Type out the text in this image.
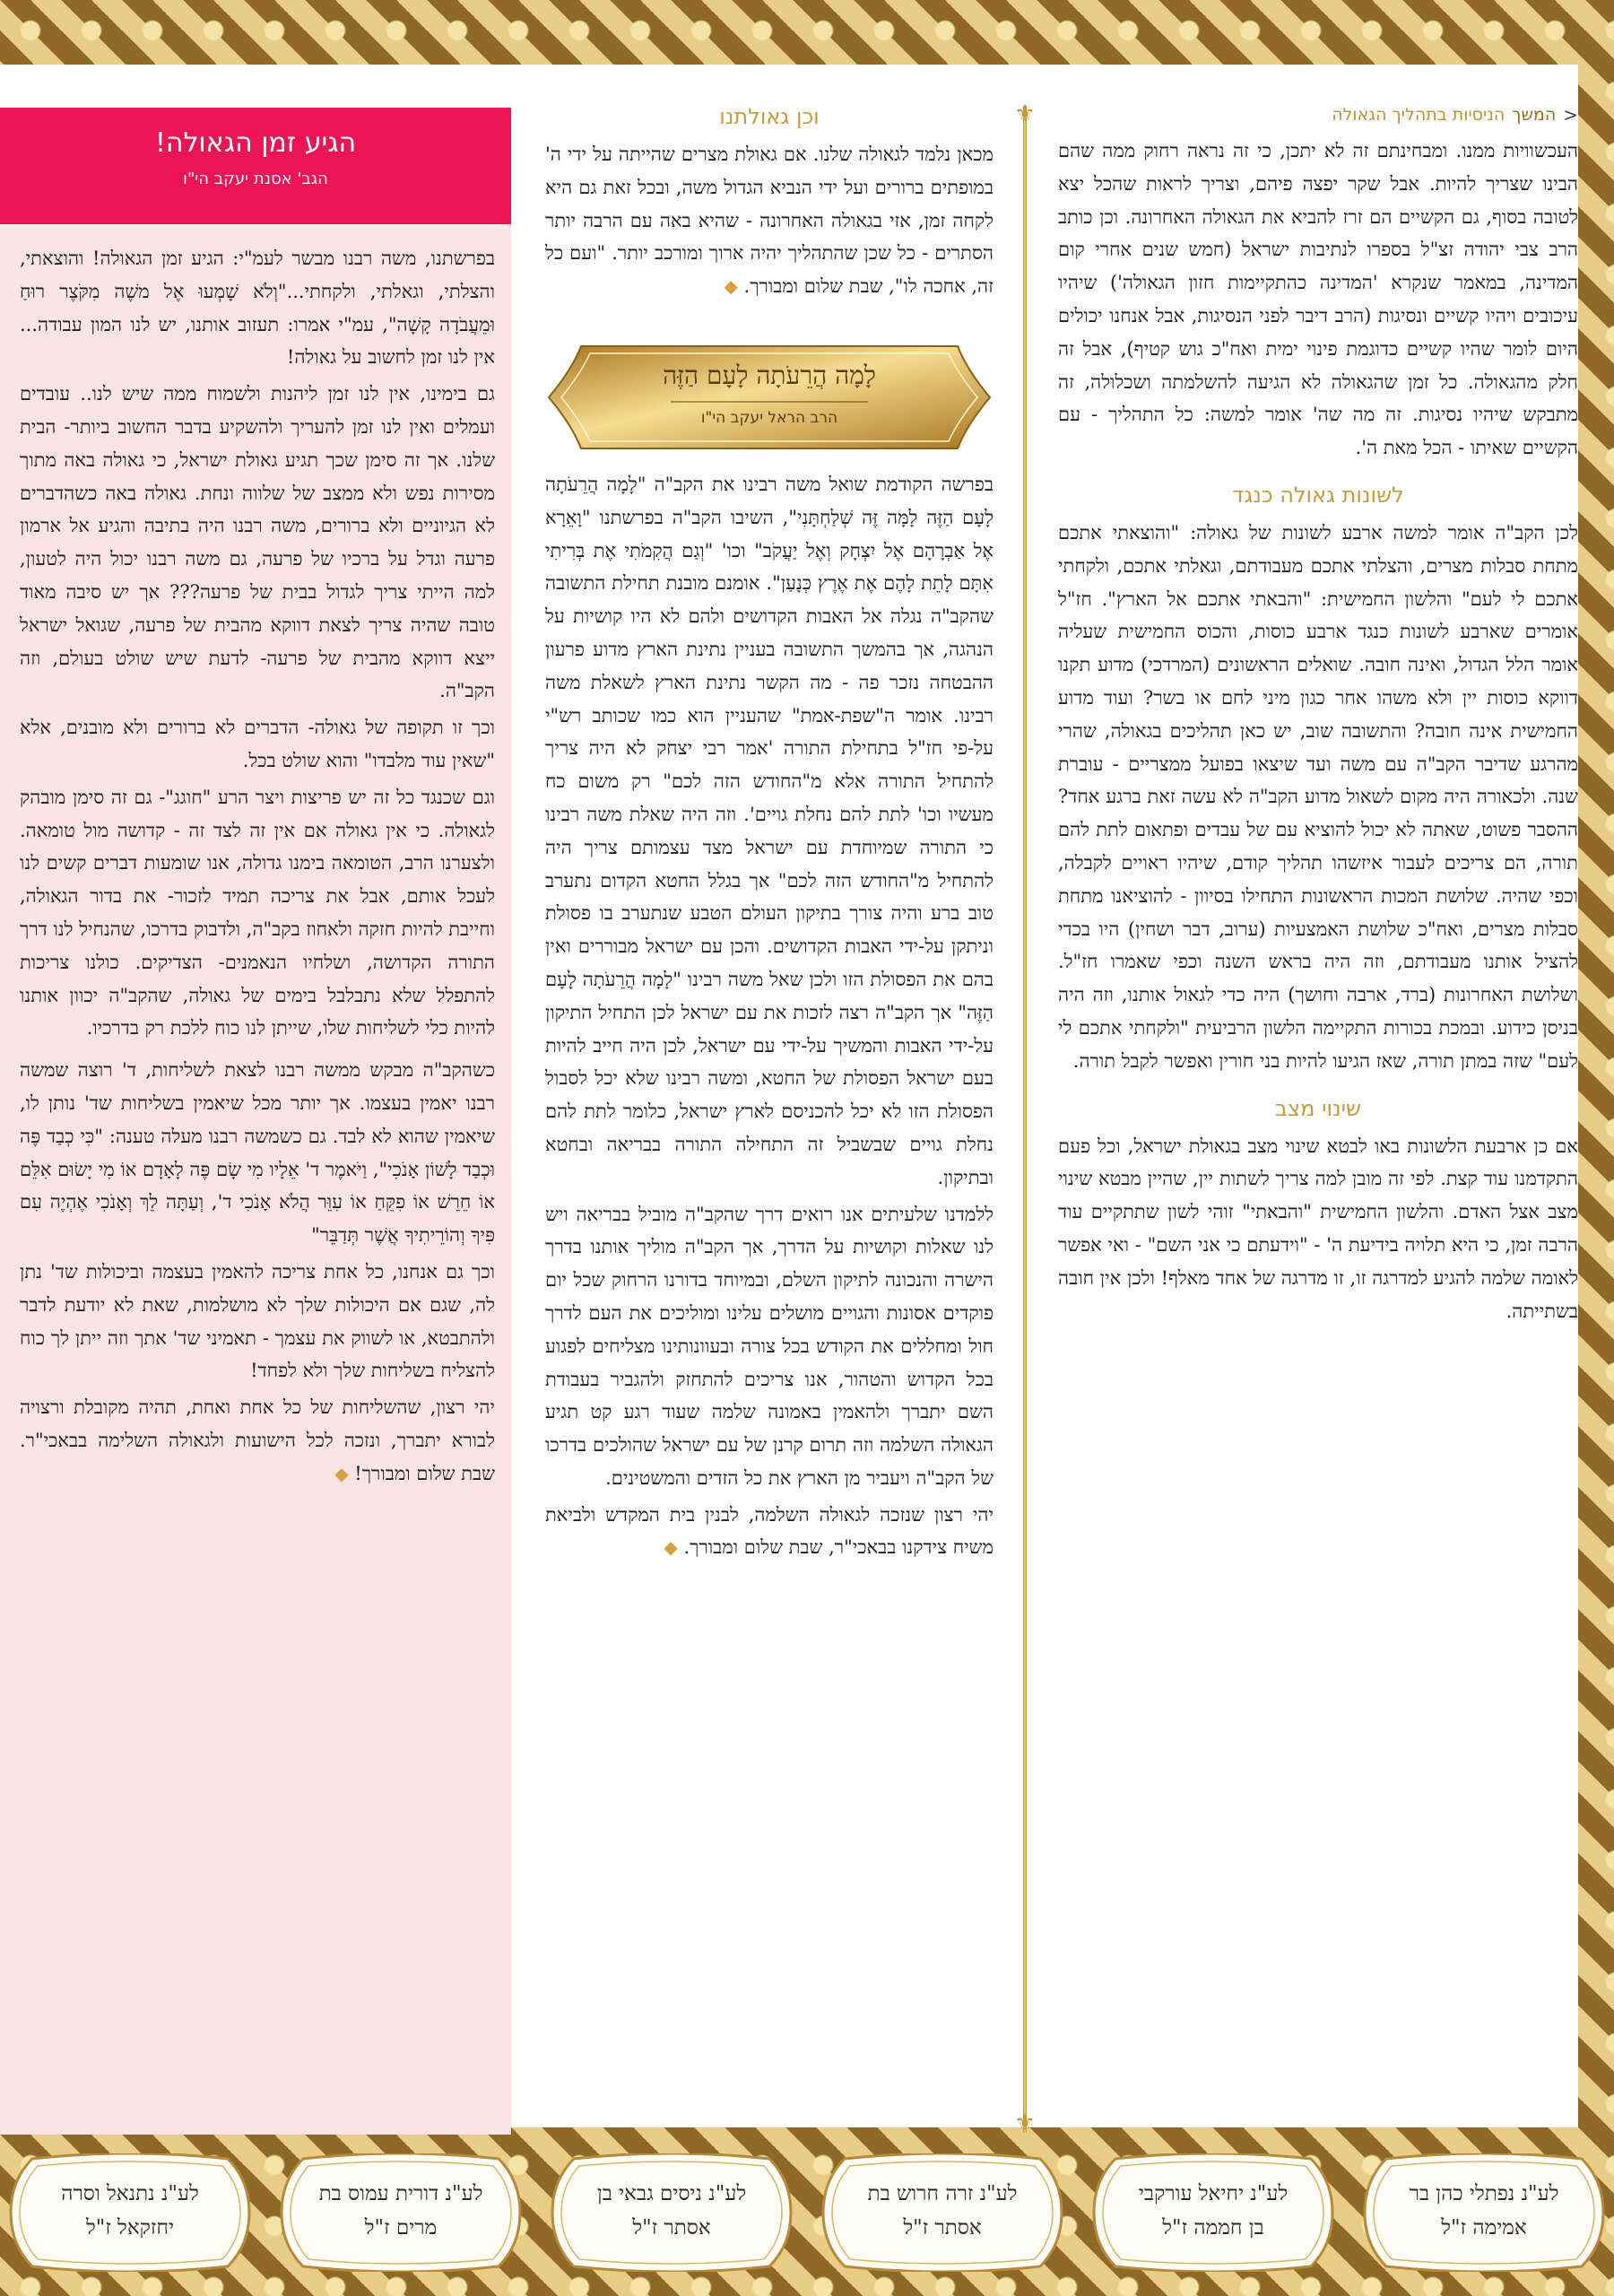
<
המשך
הניסיות בתהליך הגאולה

העכשוויות ממנו. ומבחינתם זה לא יתכן, כי זה נראה רחוק ממה שהם הבינו שצריך להיות. אבל שקר יפצה פיהם, וצריך לראות שהכל יצא לטובה בסוף, גם הקשיים הם זרז להביא את הגאולה האחרונה. וכן כותב הרב צבי יהודה זצ"ל בספרו לנתיבות ישראל (חמש שנים אחרי קום המדינה, במאמר שנקרא 'המדינה כהתקיימות חזון הגאולה') שיהיו עיכובים ויהיו קשיים ונסיגות (הרב דיבר לפני הנסיגות, אבל אנחנו יכולים היום לומר שהיו קשיים כדוגמת פינוי ימית ואח"כ גוש קטיף), אבל זה חלק מהגאולה. כל זמן שהגאולה לא הגיעה להשלמתה ושכלולה, זה מתבקש שיהיו נסיגות. זה מה שה' אומר למשה: כל התהליך - עם הקשיים שאיתו - הכל מאת ה'.

לשונות גאולה כנגד

לכן הקב"ה אומר למשה ארבע לשונות של גאולה: "והוצאתי אתכם מתחת סבלות מצרים, והצלתי אתכם מעבודתם, וגאלתי אתכם, ולקחתי אתכם לי לעם" והלשון החמישית: "והבאתי אתכם אל הארץ". חז"ל אומרים שארבע לשונות כנגד ארבע כוסות, והכוס החמישית שעליה אומר הלל הגדול, ואינה חובה. שואלים הראשונים (המרדכי) מדוע תקנו דווקא כוסות יין ולא משהו אחר כגון מיני לחם או בשר? ועוד מדוע החמישית אינה חובה? והתשובה שוב, יש כאן תהליכים בגאולה, שהרי מהרגע שדיבר הקב"ה עם משה ועד שיצאו בפועל ממצריים - עוברת שנה. ולכאורה היה מקום לשאול מדוע הקב"ה לא עשה זאת ברגע אחד? ההסבר פשוט, שאתה לא יכול להוציא עם של עבדים ופתאום לתת להם תורה, הם צריכים לעבור איזשהו תהליך קודם, שיהיו ראויים לקבלה, וכפי שהיה. שלושת המכות הראשונות התחילו בסיוון - להוציאנו מתחת סבלות מצרים, ואח"כ שלושת האמצעיות (ערוב, דבר ושחין) היו בכדי להציל אותנו מעבודתם, וזה היה בראש השנה וכפי שאמרו חז"ל. ושלושת האחרונות (ברד, ארבה וחושך) היה כדי לגאול אותנו, וזה היה בניסן כידוע. ובמכת בכורות התקיימה הלשון הרביעית "ולקחתי אתכם לי לעם" שזה במתן תורה, שאז הגיעו להיות בני חורין ואפשר לקבל תורה.

שינוי מצב

אם כן ארבעת הלשונות באו לבטא שינוי מצב בגאולת ישראל, וכל פעם התקדמנו עוד קצת. לפי זה מובן למה צריך לשתות יין, שהיין מבטא שינוי מצב אצל האדם. והלשון החמישית "והבאתי" זוהי לשון שתתקיים עוד הרבה זמן, כי היא תלויה בידיעת ה' - "וידעתם כי אני השם" - ואי אפשר לאומה שלמה להגיע למדרגה זו, זו מדרגה של אחד מאלף! ולכן אין חובה בשתייתה.

⚜
⚜
וכן גאולתנו

מכאן נלמד לגאולה שלנו. אם גאולת מצרים שהייתה על ידי ה' במופתים ברורים ועל ידי הנביא הגדול משה, ובכל זאת גם היא לקחה זמן, אזי בגאולה האחרונה - שהיא באה עם הרבה יותר הסתרים - כל שכן שהתהליך יהיה ארוך ומורכב יותר. "ועם כל זה, אחכה לו", שבת שלום ומבורך. ◆

לָמָה הֲרֵעֹתָה לָעָם הַזֶּה
הרב הראל יעקב הי"ו

בפרשה הקודמת שואל משה רבינו את הקב"ה "לָמָה הֲרֵעֹתָה לָעָם הַזֶּה לָמָּה זֶּה שְׁלַחְתָּנִי", השיבו הקב"ה בפרשתנו "וָאֵרָא אֶל אַבְרָהָם אֶל יִצְחָק וְאֶל יַעֲקֹב" וכו' "וְגַם הֲקִמֹתִי אֶת בְּרִיתִי אִתָּם לָתֵת לָהֶם אֶת אֶרֶץ כְּנָעַן". אומנם מובנת תחילת התשובה שהקב"ה נגלה אל האבות הקדושים ולהם לא היו קושיות על הנהגה, אך בהמשך התשובה בעניין נתינת הארץ מדוע פרעון ההבטחה נזכר פה - מה הקשר נתינת הארץ לשאלת משה רבינו. אומר ה"שפת-אמת" שהעניין הוא כמו שכותב רש"י על-פי חז"ל בתחילת התורה 'אמר רבי יצחק לא היה צריך להתחיל התורה אלא מ"החודש הזה לכם" רק משום כח מעשיו וכו' לתת להם נחלת גויים'. וזה היה שאלת משה רבינו כי התורה שמיוחדת עם ישראל מצד עצמותם צריך היה להתחיל מ"החודש הזה לכם" אך בגלל החטא הקדום נתערב טוב ברע והיה צורך בתיקון העולם הטבע שנתערב בו פסולת וניתקן על-ידי האבות הקדושים. והכן עם ישראל מבוררים ואין בהם את הפסולת הזו ולכן שאל משה רבינו "לָמָה הֲרֵעֹתָה לָעָם הַזֶּה" אך הקב"ה רצה לזכות את עם ישראל לכן התחיל התיקון על-ידי האבות והמשיך על-ידי עם ישראל, לכן היה חייב להיות בעם ישראל הפסולת של החטא, ומשה רבינו שלא יכל לסבול הפסולת הזו לא יכל להכניסם לארץ ישראל, כלומר לתת להם נחלת גויים שבשביל זה התחילה התורה בבריאה ובחטא ובתיקון.

ללמדנו שלעיתים אנו רואים דרך שהקב"ה מוביל בבריאה ויש לנו שאלות וקושיות על הדרך, אך הקב"ה מוליך אותנו בדרך הישרה והנכונה לתיקון השלם, ובמיוחד בדורנו הרחוק שכל יום פוקדים אסונות והגויים מושלים עלינו ומוליכים את העם לדרך חול ומחללים את הקודש בכל צורה ובעוונותינו מצליחים לפגוע בכל הקדוש והטהור, אנו צריכים להתחזק ולהגביר בעבודת השם יתברך ולהאמין באמונה שלמה שעוד רגע קט תגיע הגאולה השלמה וזה תרום קרנן של עם ישראל שהולכים בדרכו של הקב"ה ויעביר מן הארץ את כל הזדים והמשטינים.

יהי רצון שנזכה לגאולה השלמה, לבנין בית המקדש ולביאת משיח צידקנו בבאכי"ר, שבת שלום ומבורך. ◆

הגיע זמן הגאולה!
הגב' אסנת יעקב הי"ו

בפרשתנו, משה רבנו מבשר לעמ"י: הגיע זמן הגאולה! והוצאתי, והצלתי, וגאלתי, ולקחתי..."וְלֹא שָׁמְעוּ אֶל משֶׁה מִקֹּצֶר רוּחַ וּמֵעֲבֹדָה קָשָׁה", עמ"י אמרו: תעזוב אותנו, יש לנו המון עבודה... אין לנו זמן לחשוב על גאולה!

גם בימינו, אין לנו זמן ליהנות ולשמוח ממה שיש לנו.. עובדים ועמלים ואין לנו זמן להעריך ולהשקיע בדבר החשוב ביותר- הבית שלנו. אך זה סימן שכך תגיע גאולת ישראל, כי גאולה באה מתוך מסירות נפש ולא ממצב של שלווה ונחת. גאולה באה כשהדברים לא הגיוניים ולא ברורים, משה רבנו היה בתיבה והגיע אל ארמון פרעה וגדל על ברכיו של פרעה, גם משה רבנו יכול היה לטעון, למה הייתי צריך לגדול בבית של פרעה??? אך יש סיבה מאוד טובה שהיה צריך לצאת דווקא מהבית של פרעה, שגואל ישראל ייצא דווקא מהבית של פרעה- לדעת שיש שולט בעולם, וזה הקב"ה.

וכך זו תקופה של גאולה- הדברים לא ברורים ולא מובנים, אלא "שאין עוד מלבדו" והוא שולט בכל.

וגם שכנגד כל זה יש פריצות ויצר הרע "חוגג"- גם זה סימן מובהק לגאולה. כי אין גאולה אם אין זה לצד זה - קדושה מול טומאה. ולצערנו הרב, הטומאה בימנו גדולה, אנו שומעות דברים קשים לנו לעכל אותם, אבל את צריכה תמיד לזכור- את בדור הגאולה, וחייבת להיות חזקה ולאחוז בקב"ה, ולדבוק בדרכו, שהנחיל לנו דרך התורה הקדושה, ושלחיו הנאמנים- הצדיקים. כולנו צריכות להתפלל שלא נתבלבל בימים של גאולה, שהקב"ה יכוון אותנו להיות כלי לשליחות שלו, שייתן לנו כוח ללכת רק בדרכיו.

כשהקב"ה מבקש ממשה רבנו לצאת לשליחות, ד' רוצה שמשה רבנו יאמין בעצמו. אך יותר מכל שיאמין בשליחות שד' נותן לו, שיאמין שהוא לא לבד. גם כשמשה רבנו מעלה טענה: "כִּי כְבַד פֶּה וּכְבַד לָשׁוֹן אָנֹכִי", וַיֹּאמֶר ד' אֵלָיו מִי שָׂם פֶּה לָאָדָם אוֹ מִי יָשׂוּם אִלֵּם אוֹ חֵרֵשׁ אוֹ פִקֵּחַ אוֹ עִוֵּר הֲלֹא אָנֹכִי ד', וְעַתָּה לֵךְ וְאָנֹכִי אֶהְיֶה עִם פִּיךָ וְהוֹרֵיתִיךָ אֲשֶׁר תְּדַבֵּר"

וכך גם אנחנו, כל אחת צריכה להאמין בעצמה וביכולות שד' נתן לה, שגם אם היכולות שלך לא מושלמות, שאת לא יודעת לדבר ולהתבטא, או לשווק את עצמך - תאמיני שד' אתך וזה ייתן לך כוח להצליח בשליחות שלך ולא לפחד!

יהי רצון, שהשליחות של כל אחת ואחת, תהיה מקובלת ורצויה לבורא יתברך, ונזכה לכל הישועות ולגאולה השלימה בבאכי"ר. שבת שלום ומבורך! ◆

לע"נ נפתלי כהן בר
אמימה ז"ל
לע"נ יחיאל עורקבי
בן חממה ז"ל
לע"נ זרה חרוש בת
אסתר ז"ל
לע"נ ניסים גבאי בן
אסתר ז"ל
לע"נ דורית עמוס בת
מרים ז"ל
לע"נ נתנאל וסרה
יחזקאל ז"ל
